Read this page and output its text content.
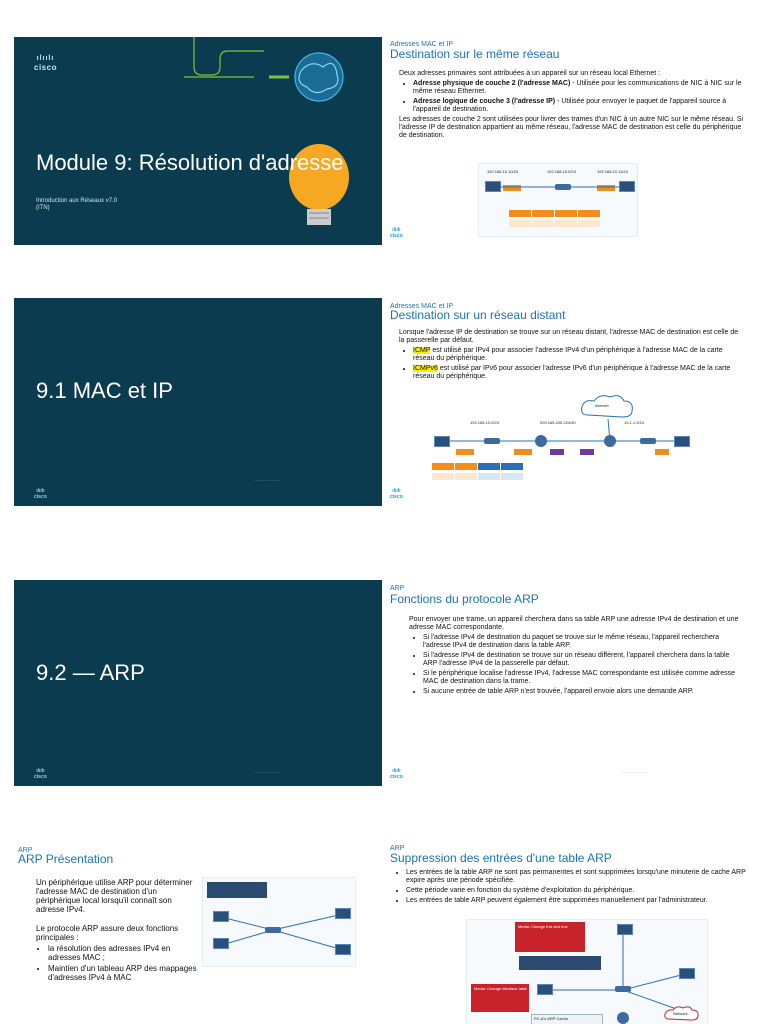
ılıılı
cisco
Module 9: Résolution d'adresse
Introduction aux Réseaux v7.0
(ITN)
Adresses MAC et IP
Destination sur le même réseau
Deux adresses primaires sont attribuées à un appareil sur un réseau local Ethernet :
• Adresse physique de couche 2 (l'adresse MAC) - Utilisée pour les communications de NIC à NIC sur le même réseau Ethernet.
• Adresse logique de couche 3 (l'adresse IP) - Utilisée pour envoyer le paquet de l'appareil source à l'appareil de destination.
Les adresses de couche 2 sont utilisées pour livrer des trames d'un NIC à un autre NIC sur le même réseau. Si l'adresse IP de destination appartient au même réseau, l'adresse MAC de destination est celle du périphérique de destination.
192.168.10.10/24	192.168.10.0/24	192.168.10.11/24
ılıılı
cisco
9.1 MAC et IP
ılıılı
cisco
— — — — — — —
Adresses MAC et IP
Destination sur un réseau distant
Lorsque l'adresse IP de destination se trouve sur un réseau distant, l'adresse MAC de destination est celle de la passerelle par défaut.
• ICMP est utilisé par IPv4 pour associer l'adresse IPv4 d'un périphérique à l'adresse MAC de la carte réseau du périphérique.
• ICMPv6 est utilisé par IPv6 pour associer l'adresse IPv6 d'un périphérique à l'adresse MAC de la carte réseau du périphérique.
Internet
192.168.10.0/24	209.165.200.224/30	10.1.1.0/24
ılıılı
cisco
9.2 — ARP
ılıılı
cisco
— — — — — — —
ARP
Fonctions du protocole ARP
Pour envoyer une trame, un appareil cherchera dans sa table ARP une adresse IPv4 de destination et une adresse MAC correspondante.
• Si l'adresse IPv4 de destination du paquet se trouve sur le même réseau, l'appareil recherchera l'adresse IPv4 de destination dans la table ARP.
• Si l'adresse IPv4 de destination se trouve sur un réseau différent, l'appareil cherchera dans la table ARP l'adresse IPv4 de la passerelle par défaut.
• Si le périphérique localise l'adresse IPv4, l'adresse MAC correspondante est utilisée comme adresse MAC de destination dans la trame.
• Si aucune entrée de table ARP n'est trouvée, l'appareil envoie alors une demande ARP.
ılıılı
cisco
— — — — — — —
ARP
ARP Présentation
Un périphérique utilise ARP pour déterminer l'adresse MAC de destination d'un périphérique local lorsqu'il connaît son adresse IPv4.
Le protocole ARP assure deux fonctions principales :
• la résolution des adresses IPv4 en adresses MAC ;
• Maintien d'un tableau ARP des mappages d'adresses IPv4 à MAC
ARP
Suppression des entrées d'une table ARP
• Les entrées de la table ARP ne sont pas permanentes et sont supprimées lorsqu'une minuterie de cache ARP expire après une période spécifiée.
• Cette période varie en fonction du système d'exploitation du périphérique.
• Les entrées de table ARP peuvent également être supprimées manuellement par l'administrateur.
Media: Change this text box
Media: Change interface label
Network
PC-A's ARP Cache
